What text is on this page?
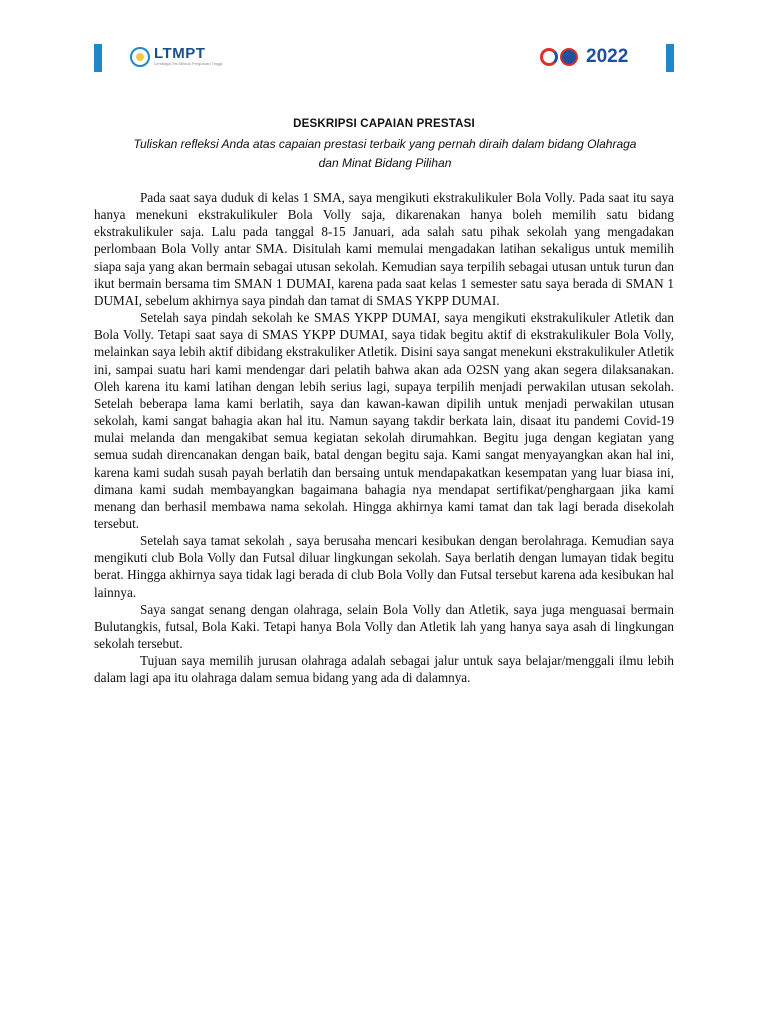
LTMPT
Lembaga Tes Masuk Perguruan Tinggi	2022
DESKRIPSI CAPAIAN PRESTASI
Tuliskan refleksi Anda atas capaian prestasi terbaik yang pernah diraih dalam bidang Olahraga
dan Minat Bidang Pilihan

Pada saat saya duduk di kelas 1 SMA, saya mengikuti ekstrakulikuler Bola Volly. Pada saat itu saya hanya menekuni ekstrakulikuler Bola Volly saja, dikarenakan hanya boleh memilih satu bidang ekstrakulikuler saja. Lalu pada tanggal 8-15 Januari, ada salah satu pihak sekolah yang mengadakan perlombaan Bola Volly antar SMA. Disitulah kami memulai mengadakan latihan sekaligus untuk memilih siapa saja yang akan bermain sebagai utusan sekolah. Kemudian saya terpilih sebagai utusan untuk turun dan ikut bermain bersama tim SMAN 1 DUMAI, karena pada saat kelas 1 semester satu saya berada di SMAN 1 DUMAI, sebelum akhirnya saya pindah dan tamat di SMAS YKPP DUMAI.

Setelah saya pindah sekolah ke SMAS YKPP DUMAI, saya mengikuti ekstrakulikuler Atletik dan Bola Volly. Tetapi saat saya di SMAS YKPP DUMAI, saya tidak begitu aktif di ekstrakulikuler Bola Volly, melainkan saya lebih aktif dibidang ekstrakuliker Atletik. Disini saya sangat menekuni ekstrakulikuler Atletik ini, sampai suatu hari kami mendengar dari pelatih bahwa akan ada O2SN yang akan segera dilaksanakan. Oleh karena itu kami latihan dengan lebih serius lagi, supaya terpilih menjadi perwakilan utusan sekolah. Setelah beberapa lama kami berlatih, saya dan kawan-kawan dipilih untuk menjadi perwakilan utusan sekolah, kami sangat bahagia akan hal itu. Namun sayang takdir berkata lain, disaat itu pandemi Covid-19 mulai melanda dan mengakibat semua kegiatan sekolah dirumahkan. Begitu juga dengan kegiatan yang semua sudah direncanakan dengan baik, batal dengan begitu saja. Kami sangat menyayangkan akan hal ini, karena kami sudah susah payah berlatih dan bersaing untuk mendapakatkan kesempatan yang luar biasa ini, dimana kami sudah membayangkan bagaimana bahagia nya mendapat sertifikat/penghargaan jika kami menang dan berhasil membawa nama sekolah. Hingga akhirnya kami tamat dan tak lagi berada disekolah tersebut.

Setelah saya tamat sekolah , saya berusaha mencari kesibukan dengan berolahraga. Kemudian saya mengikuti club Bola Volly dan Futsal diluar lingkungan sekolah. Saya berlatih dengan lumayan tidak begitu berat. Hingga akhirnya saya tidak lagi berada di club Bola Volly dan Futsal tersebut karena ada kesibukan hal lainnya.

Saya sangat senang dengan olahraga, selain Bola Volly dan Atletik, saya juga menguasai bermain Bulutangkis, futsal, Bola Kaki. Tetapi hanya Bola Volly dan Atletik lah yang hanya saya asah di lingkungan sekolah tersebut.

Tujuan saya memilih jurusan olahraga adalah sebagai jalur untuk saya belajar/menggali ilmu lebih dalam lagi apa itu olahraga dalam semua bidang yang ada di dalamnya.
